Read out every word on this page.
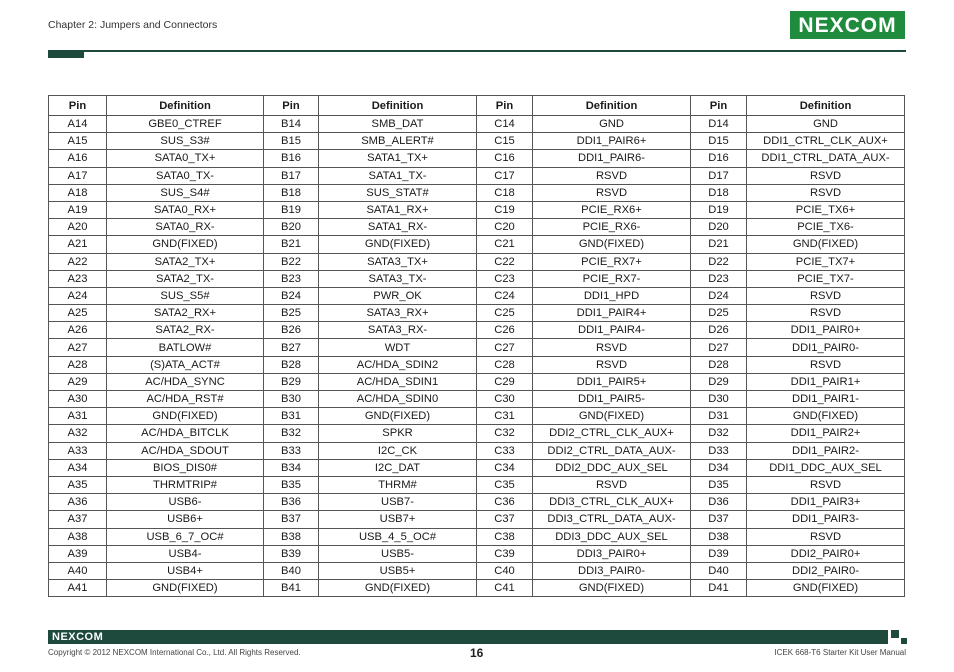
Chapter 2: Jumpers and Connectors	NEXCOM
Pin	Definition	Pin	Definition	Pin	Definition	Pin	Definition
A14	GBE0_CTREF	B14	SMB_DAT	C14	GND	D14	GND
A15	SUS_S3#	B15	SMB_ALERT#	C15	DDI1_PAIR6+	D15	DDI1_CTRL_CLK_AUX+
A16	SATA0_TX+	B16	SATA1_TX+	C16	DDI1_PAIR6-	D16	DDI1_CTRL_DATA_AUX-
A17	SATA0_TX-	B17	SATA1_TX-	C17	RSVD	D17	RSVD
A18	SUS_S4#	B18	SUS_STAT#	C18	RSVD	D18	RSVD
A19	SATA0_RX+	B19	SATA1_RX+	C19	PCIE_RX6+	D19	PCIE_TX6+
A20	SATA0_RX-	B20	SATA1_RX-	C20	PCIE_RX6-	D20	PCIE_TX6-
A21	GND(FIXED)	B21	GND(FIXED)	C21	GND(FIXED)	D21	GND(FIXED)
A22	SATA2_TX+	B22	SATA3_TX+	C22	PCIE_RX7+	D22	PCIE_TX7+
A23	SATA2_TX-	B23	SATA3_TX-	C23	PCIE_RX7-	D23	PCIE_TX7-
A24	SUS_S5#	B24	PWR_OK	C24	DDI1_HPD	D24	RSVD
A25	SATA2_RX+	B25	SATA3_RX+	C25	DDI1_PAIR4+	D25	RSVD
A26	SATA2_RX-	B26	SATA3_RX-	C26	DDI1_PAIR4-	D26	DDI1_PAIR0+
A27	BATLOW#	B27	WDT	C27	RSVD	D27	DDI1_PAIR0-
A28	(S)ATA_ACT#	B28	AC/HDA_SDIN2	C28	RSVD	D28	RSVD
A29	AC/HDA_SYNC	B29	AC/HDA_SDIN1	C29	DDI1_PAIR5+	D29	DDI1_PAIR1+
A30	AC/HDA_RST#	B30	AC/HDA_SDIN0	C30	DDI1_PAIR5-	D30	DDI1_PAIR1-
A31	GND(FIXED)	B31	GND(FIXED)	C31	GND(FIXED)	D31	GND(FIXED)
A32	AC/HDA_BITCLK	B32	SPKR	C32	DDI2_CTRL_CLK_AUX+	D32	DDI1_PAIR2+
A33	AC/HDA_SDOUT	B33	I2C_CK	C33	DDI2_CTRL_DATA_AUX-	D33	DDI1_PAIR2-
A34	BIOS_DIS0#	B34	I2C_DAT	C34	DDI2_DDC_AUX_SEL	D34	DDI1_DDC_AUX_SEL
A35	THRMTRIP#	B35	THRM#	C35	RSVD	D35	RSVD
A36	USB6-	B36	USB7-	C36	DDI3_CTRL_CLK_AUX+	D36	DDI1_PAIR3+
A37	USB6+	B37	USB7+	C37	DDI3_CTRL_DATA_AUX-	D37	DDI1_PAIR3-
A38	USB_6_7_OC#	B38	USB_4_5_OC#	C38	DDI3_DDC_AUX_SEL	D38	RSVD
A39	USB4-	B39	USB5-	C39	DDI3_PAIR0+	D39	DDI2_PAIR0+
A40	USB4+	B40	USB5+	C40	DDI3_PAIR0-	D40	DDI2_PAIR0-
A41	GND(FIXED)	B41	GND(FIXED)	C41	GND(FIXED)	D41	GND(FIXED)
NEXCOM
Copyright © 2012 NEXCOM International Co., Ltd. All Rights Reserved.	16	ICEK 668-T6 Starter Kit User Manual
